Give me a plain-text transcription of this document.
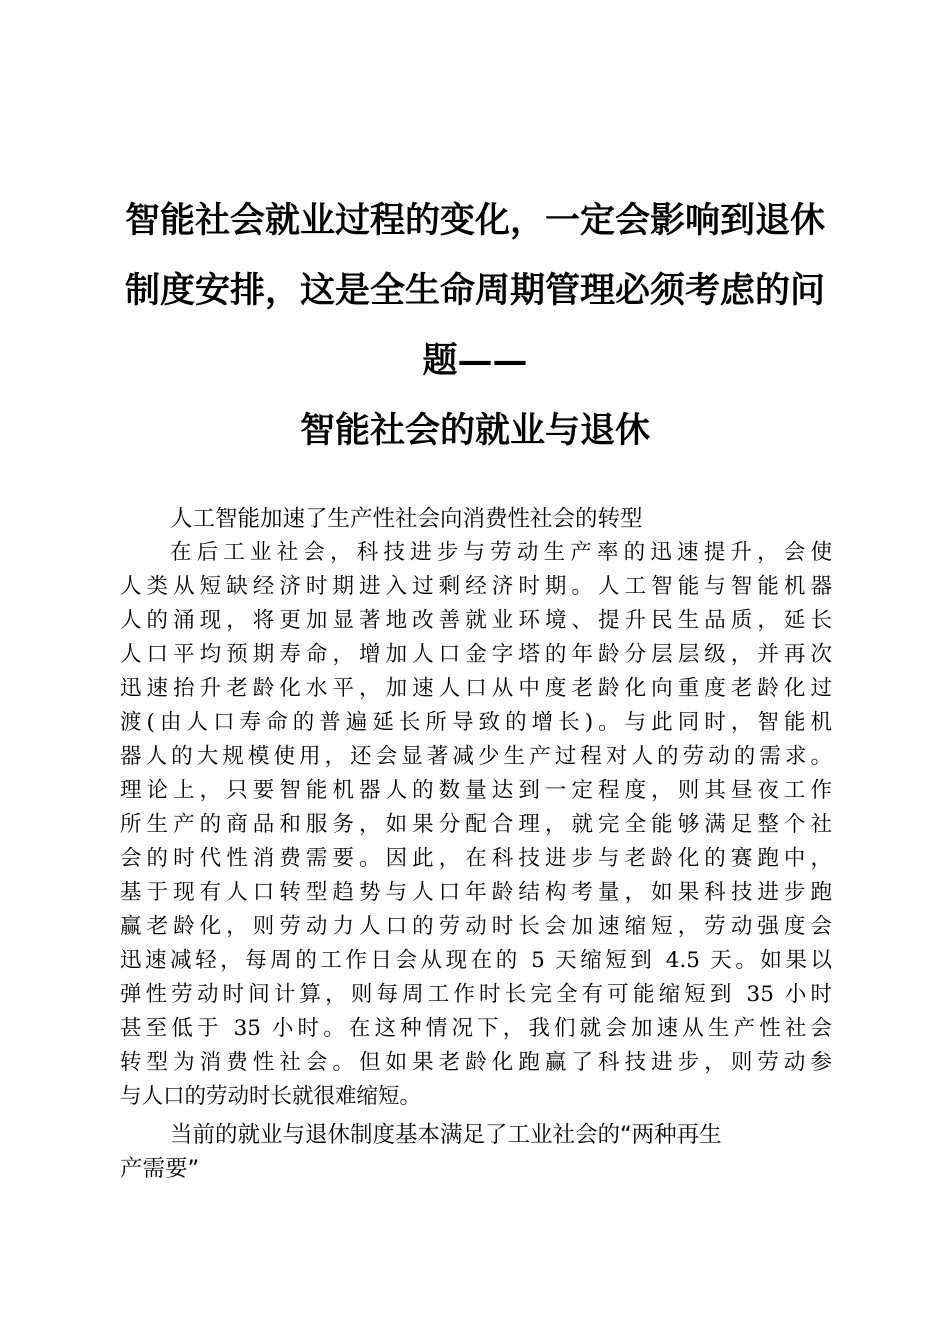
智能社会就业过程的变化，一定会影响到退休
制度安排，这是全生命周期管理必须考虑的问
题——
智能社会的就业与退休
人工智能加速了生产性社会向消费性社会的转型
在后工业社会，科技进步与劳动生产率的迅速提升，会使
人类从短缺经济时期进入过剩经济时期。人工智能与智能机器
人的涌现，将更加显著地改善就业环境、提升民生品质，延长
人口平均预期寿命，增加人口金字塔的年龄分层层级，并再次
迅速抬升老龄化水平，加速人口从中度老龄化向重度老龄化过
渡(由人口寿命的普遍延长所导致的增长)。与此同时，智能机
器人的大规模使用，还会显著减少生产过程对人的劳动的需求。
理论上，只要智能机器人的数量达到一定程度，则其昼夜工作
所生产的商品和服务，如果分配合理，就完全能够满足整个社
会的时代性消费需要。因此，在科技进步与老龄化的赛跑中，
基于现有人口转型趋势与人口年龄结构考量，如果科技进步跑
赢老龄化，则劳动力人口的劳动时长会加速缩短，劳动强度会
迅速减轻，每周的工作日会从现在的 5 天缩短到 4.5 天。如果以
弹性劳动时间计算，则每周工作时长完全有可能缩短到 35 小时
甚至低于 35 小时。在这种情况下，我们就会加速从生产性社会
转型为消费性社会。但如果老龄化跑赢了科技进步，则劳动参
与人口的劳动时长就很难缩短。
当前的就业与退休制度基本满足了工业社会的“两种再生
产需要”
